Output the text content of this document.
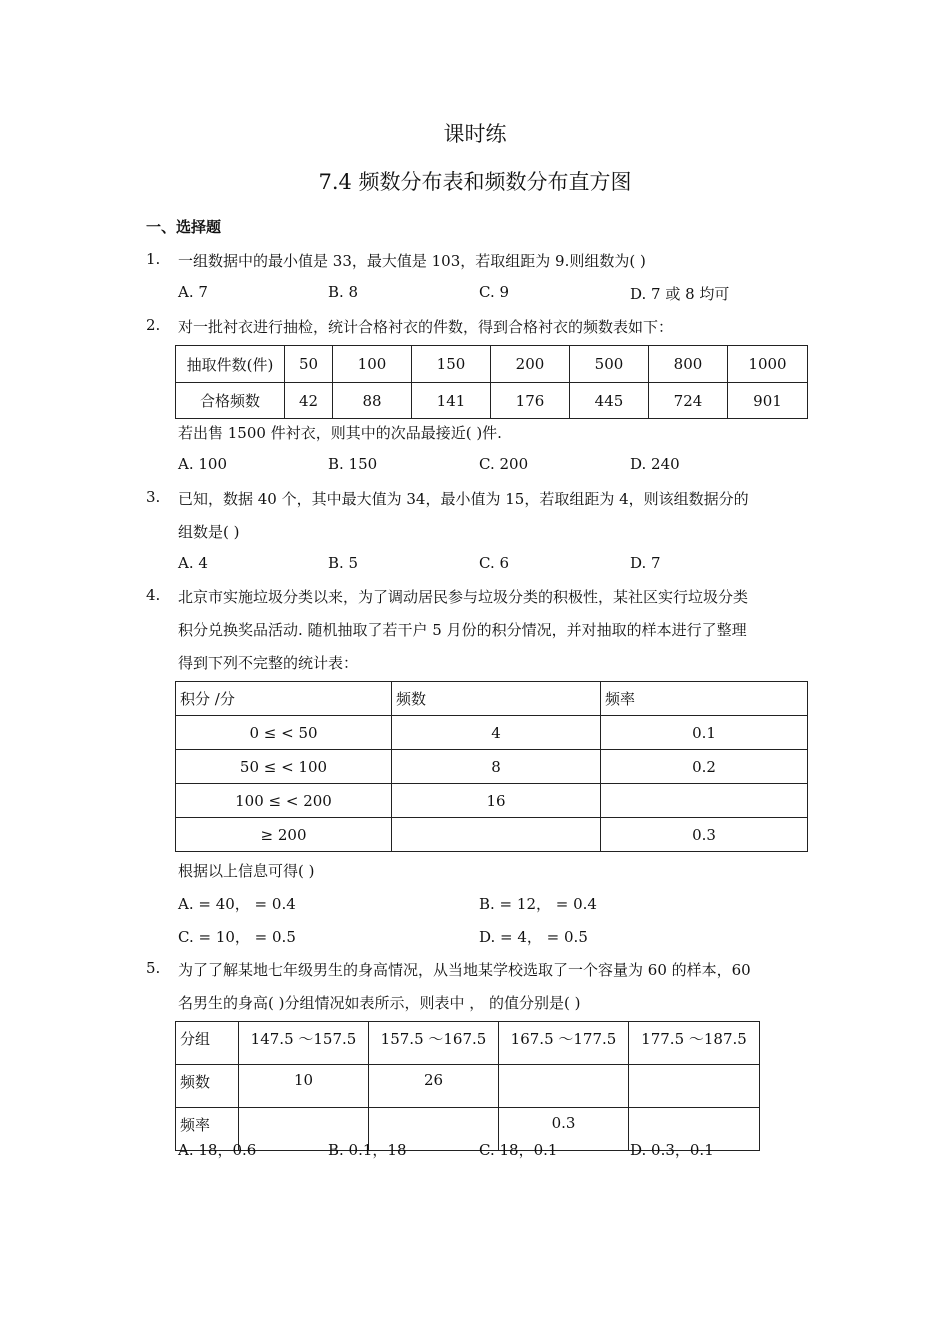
课时练
7.4 频数分布表和频数分布直方图
一、选择题
1. 一组数据中的最小值是 33，最大值是 103，若取组距为 9.则组数为( )
A. 7	B. 8	C. 9	D. 7 或 8 均可
2. 对一批衬衣进行抽检，统计合格衬衣的件数，得到合格衬衣的频数表如下：
抽取件数(件)	50	100	150	200	500	800	1000
合格频数	42	88	141	176	445	724	901
若出售 1500 件衬衣，则其中的次品最接近( )件.
A. 100	B. 150	C. 200	D. 240
3. 已知，数据 40 个，其中最大值为 34，最小值为 15，若取组距为 4，则该组数据分的
组数是( )
A. 4	B. 5	C. 6	D. 7
4. 北京市实施垃圾分类以来，为了调动居民参与垃圾分类的积极性，某社区实行垃圾分类
积分兑换奖品活动. 随机抽取了若干户 5 月份的积分情况，并对抽取的样本进行了整理
得到下列不完整的统计表：
积分 /分	频数	频率
0 ≤ < 50	4	0.1
50 ≤ < 100	8	0.2
100 ≤ < 200	16	
≥ 200		0.3
根据以上信息可得( )
A. = 40， = 0.4	B. = 12， = 0.4
C. = 10， = 0.5	D. = 4， = 0.5
5. 为了了解某地七年级男生的身高情况，从当地某学校选取了一个容量为 60 的样本，60
名男生的身高( )分组情况如表所示，则表中 ， 的值分别是( )
分组	147.5 ～157.5	157.5 ～167.5	167.5 ～177.5	177.5 ～187.5
频数	10	26		
频率			0.3	
A. 18，0.6	B. 0.1，18	C. 18，0.1	D. 0.3，0.1
